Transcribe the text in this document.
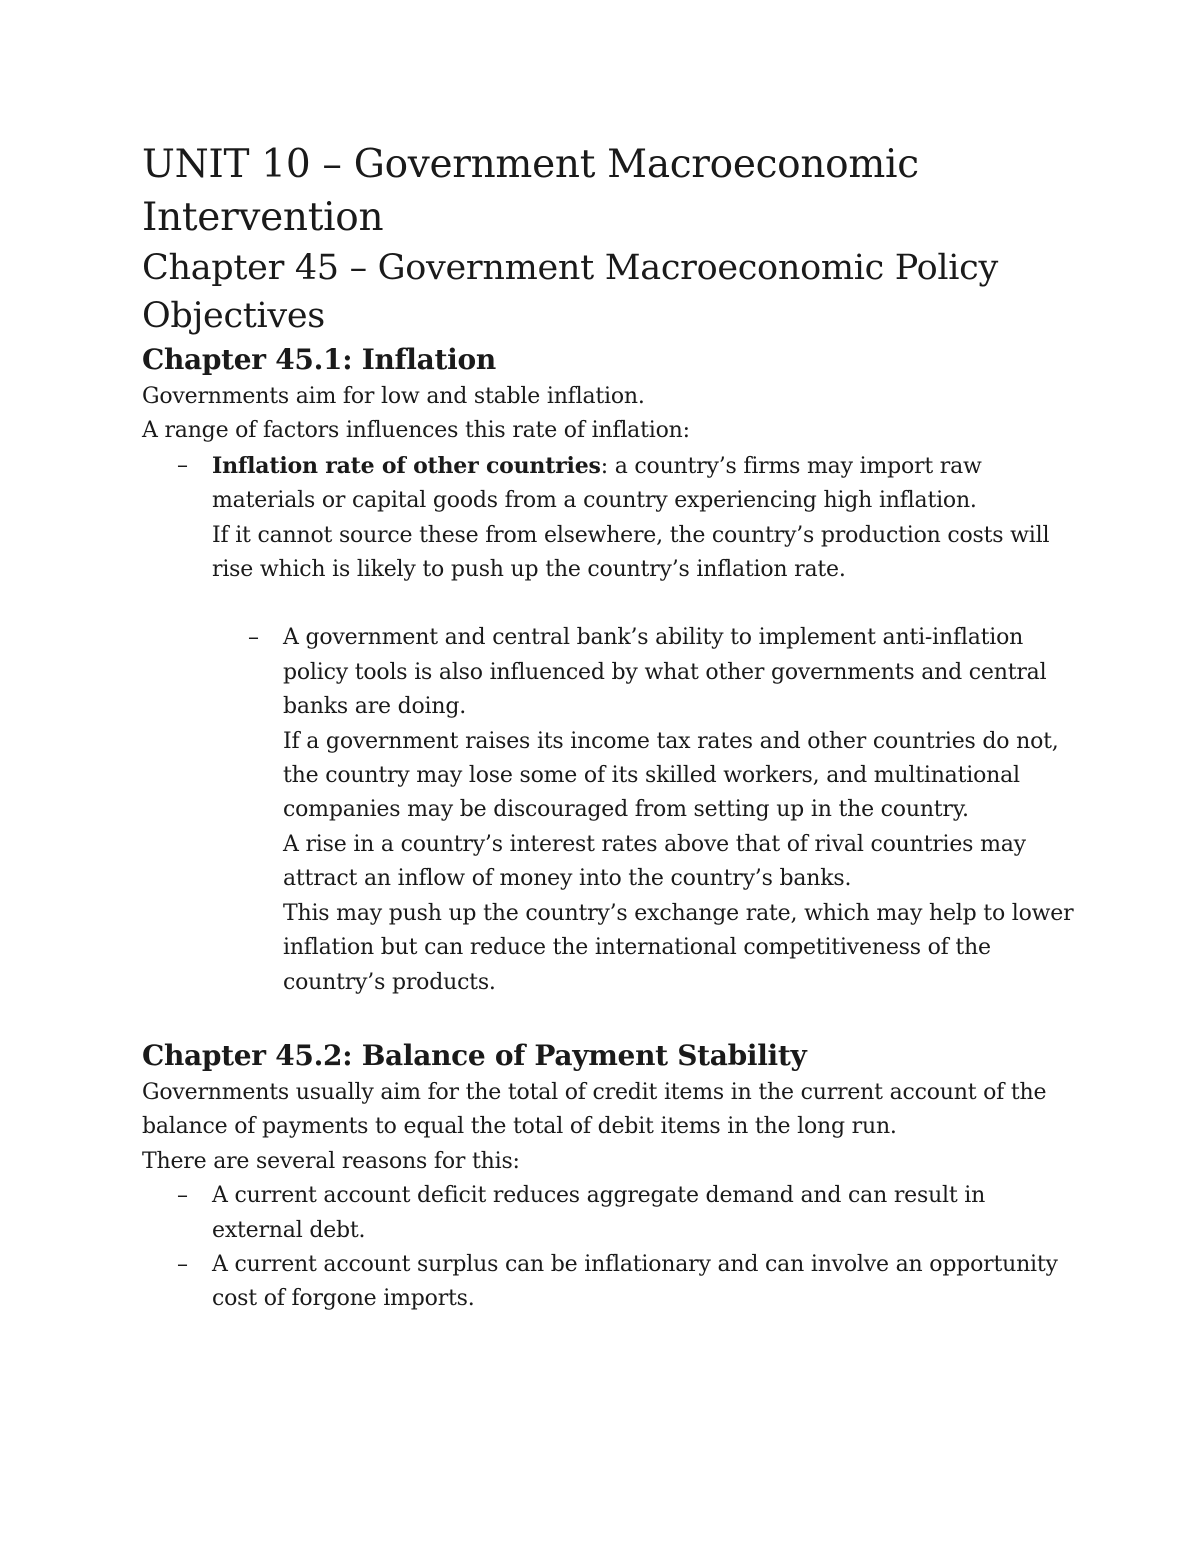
UNIT 10 – Government Macroeconomic Intervention
Chapter 45 – Government Macroeconomic Policy Objectives
Chapter 45.1: Inflation

Governments aim for low and stable inflation.

A range of factors influences this rate of inflation:

– Inflation rate of other countries: a country’s firms may import raw materials or capital goods from a country experiencing high inflation.
If it cannot source these from elsewhere, the country’s production costs will rise which is likely to push up the country’s inflation rate.
– A government and central bank’s ability to implement anti-inflation policy tools is also influenced by what other governments and central banks are doing.
If a government raises its income tax rates and other countries do not, the country may lose some of its skilled workers, and multinational companies may be discouraged from setting up in the country.
A rise in a country’s interest rates above that of rival countries may attract an inflow of money into the country’s banks.
This may push up the country’s exchange rate, which may help to lower inflation but can reduce the international competitiveness of the country’s products.
Chapter 45.2: Balance of Payment Stability

Governments usually aim for the total of credit items in the current account of the balance of payments to equal the total of debit items in the long run.

There are several reasons for this:

– A current account deficit reduces aggregate demand and can result in external debt.
– A current account surplus can be inflationary and can involve an opportunity cost of forgone imports.
